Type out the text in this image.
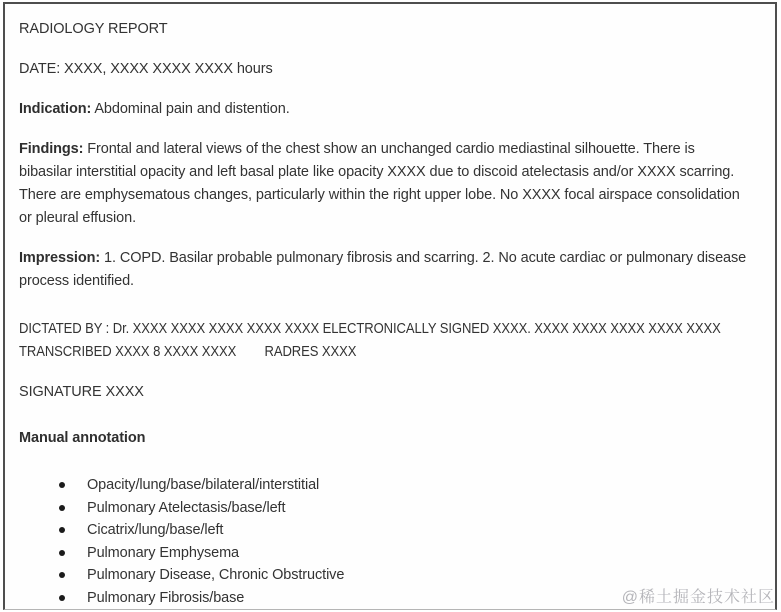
RADIOLOGY REPORT
DATE: XXXX, XXXX XXXX XXXX hours
Indication: Abdominal pain and distention.
Findings: Frontal and lateral views of the chest show an unchanged cardio mediastinal silhouette. There is
bibasilar interstitial opacity and left basal plate like opacity XXXX due to discoid atelectasis and/or XXXX scarring.
There are emphysematous changes, particularly within the right upper lobe. No XXXX focal airspace consolidation
or pleural effusion.
Impression: 1. COPD. Basilar probable pulmonary fibrosis and scarring. 2. No acute cardiac or pulmonary disease
process identified.
DICTATED BY : Dr. XXXX XXXX XXXX XXXX XXXX ELECTRONICALLY SIGNED XXXX. XXXX XXXX XXXX XXXX XXXX
TRANSCRIBED XXXX 8 XXXX XXXX        RADRES XXXX
SIGNATURE XXXX
Manual annotation
Opacity/lung/base/bilateral/interstitial
Pulmonary Atelectasis/base/left
Cicatrix/lung/base/left
Pulmonary Emphysema
Pulmonary Disease, Chronic Obstructive
Pulmonary Fibrosis/base	@稀土掘金技术社区
